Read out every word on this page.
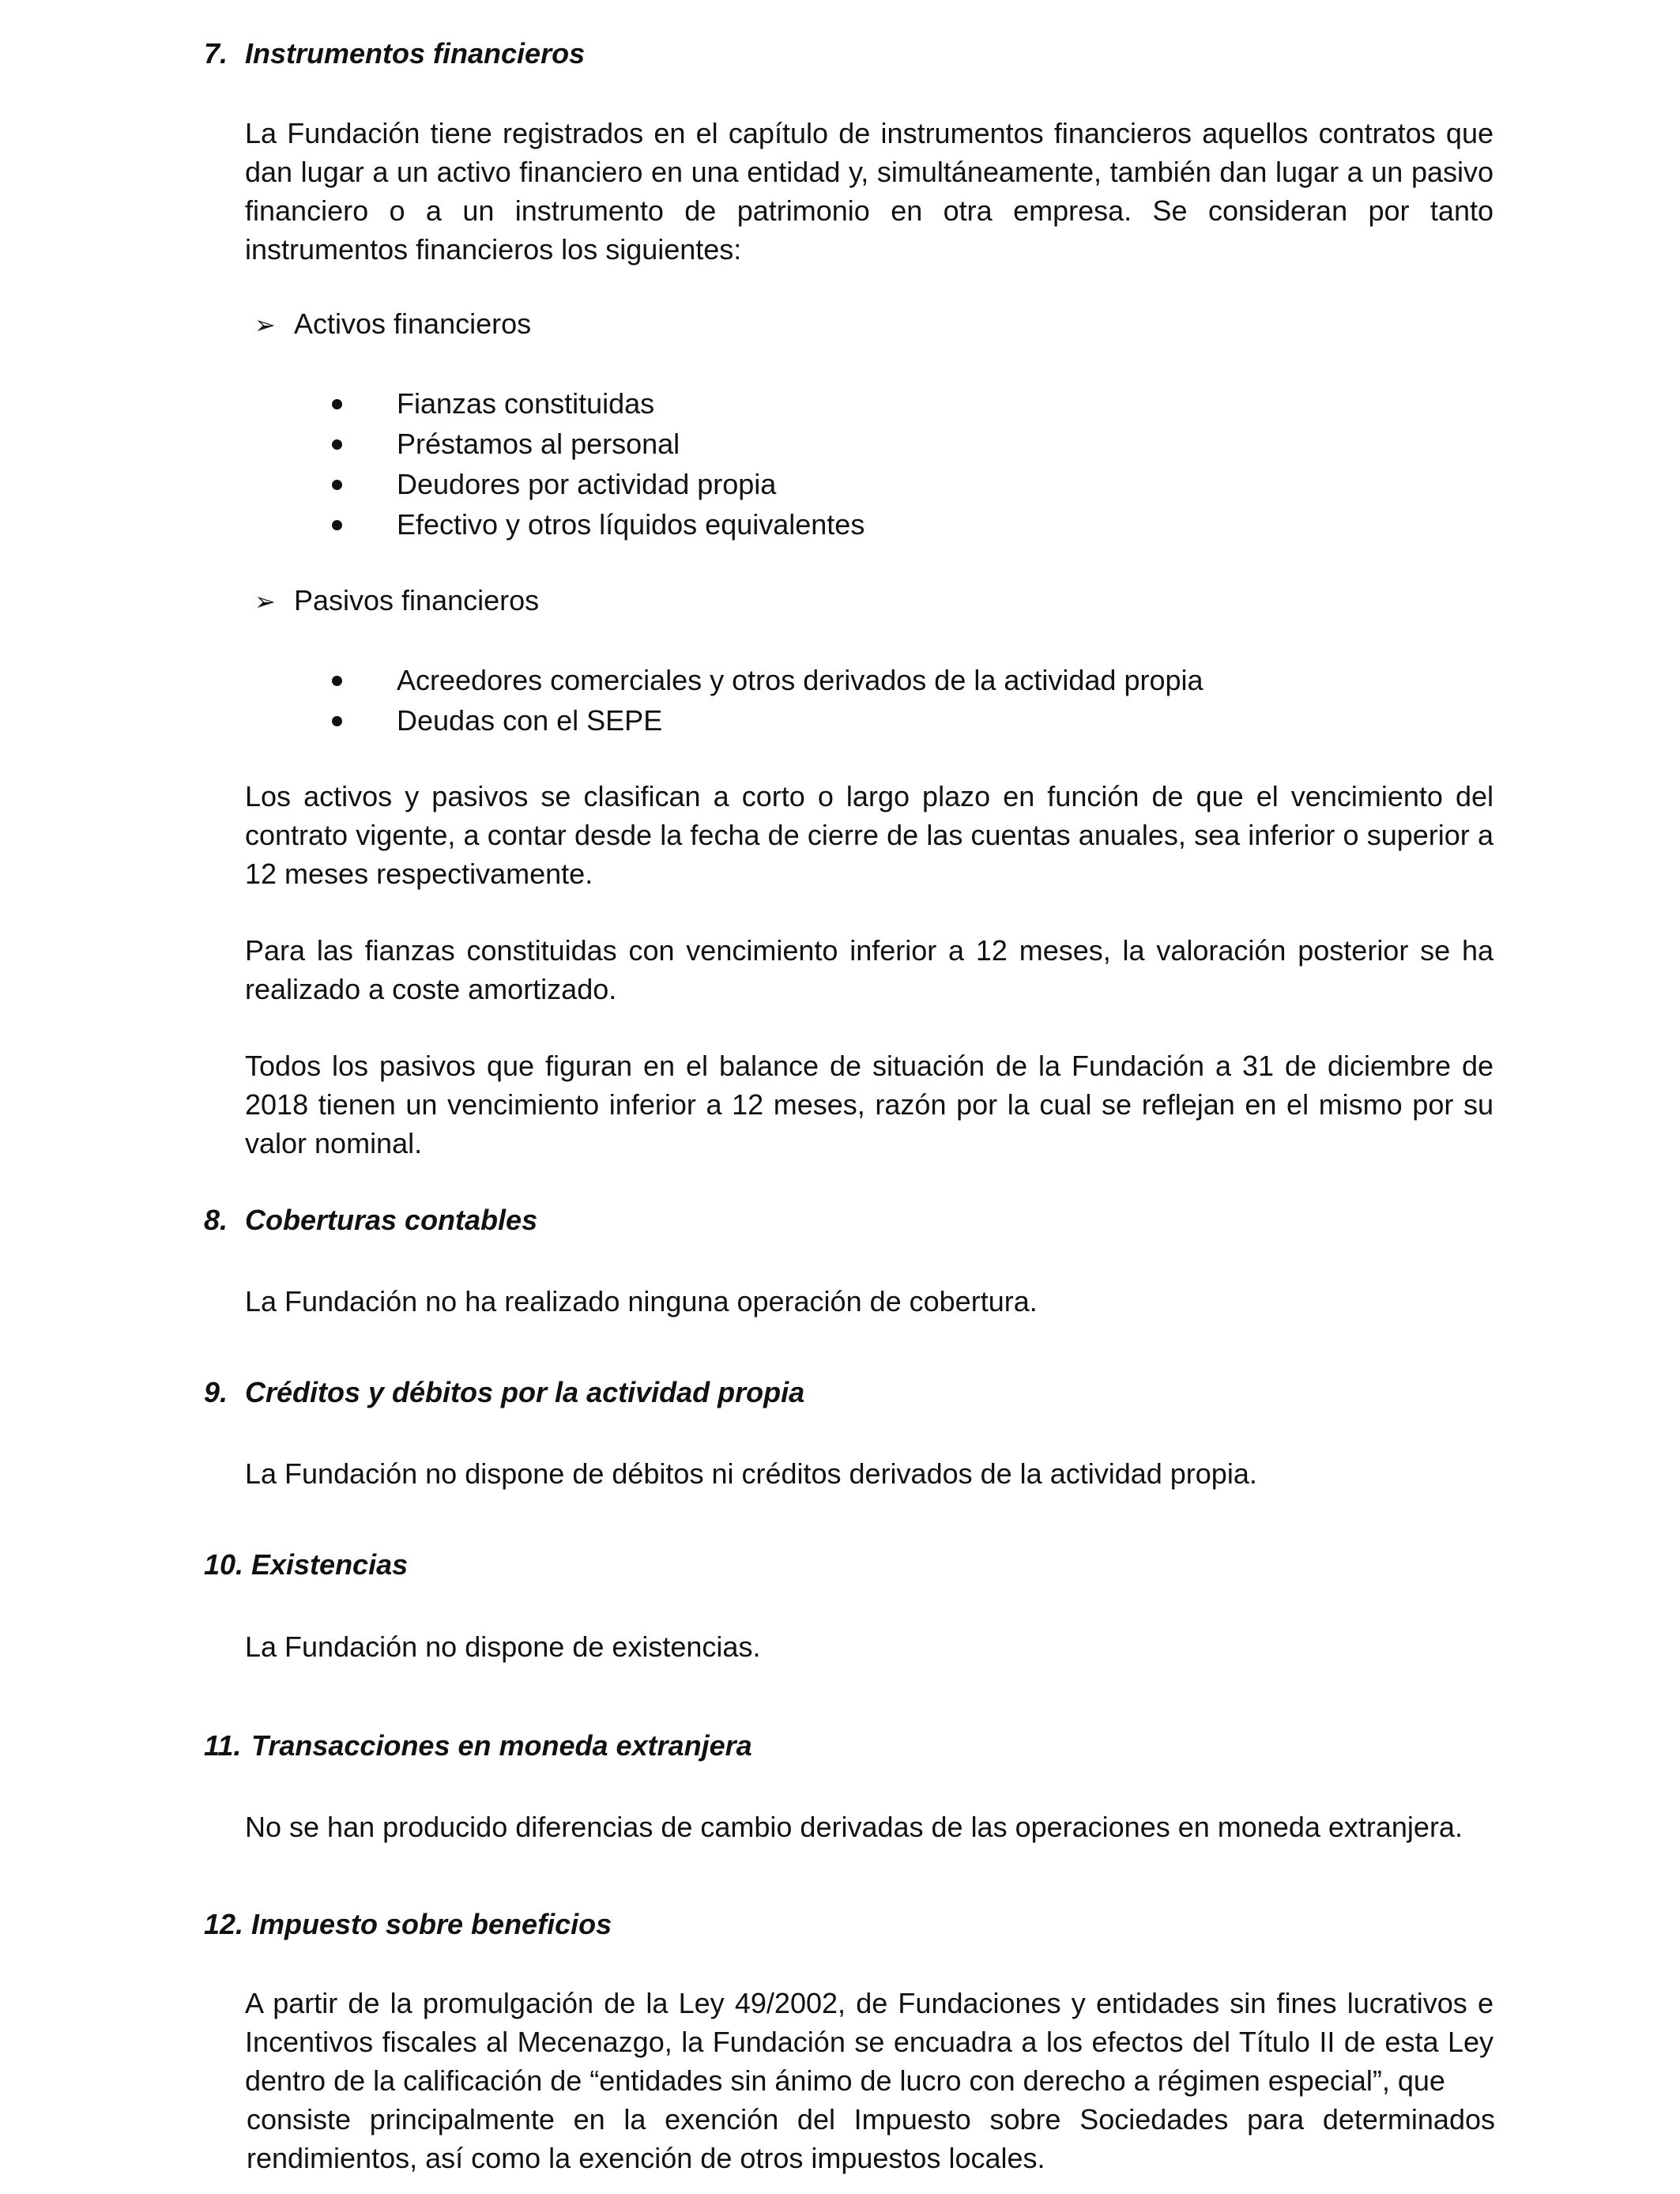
7. Instrumentos financieros

La Fundación tiene registrados en el capítulo de instrumentos financieros aquellos contratos que dan lugar a un activo financiero en una entidad y, simultáneamente, también dan lugar a un pasivo financiero o a un instrumento de patrimonio en otra empresa. Se consideran por tanto instrumentos financieros los siguientes:

➢ Activos financieros
Fianzas constituidas
Préstamos al personal
Deudores por actividad propia
Efectivo y otros líquidos equivalentes
➢ Pasivos financieros
Acreedores comerciales y otros derivados de la actividad propia
Deudas con el SEPE

Los activos y pasivos se clasifican a corto o largo plazo en función de que el vencimiento del contrato vigente, a contar desde la fecha de cierre de las cuentas anuales, sea inferior o superior a 12 meses respectivamente.

Para las fianzas constituidas con vencimiento inferior a 12 meses, la valoración posterior se ha realizado a coste amortizado.

Todos los pasivos que figuran en el balance de situación de la Fundación a 31 de diciembre de 2018 tienen un vencimiento inferior a 12 meses, razón por la cual se reflejan en el mismo por su valor nominal.

8. Coberturas contables

La Fundación no ha realizado ninguna operación de cobertura.

9. Créditos y débitos por la actividad propia

La Fundación no dispone de débitos ni créditos derivados de la actividad propia.

10. Existencias

La Fundación no dispone de existencias.

11. Transacciones en moneda extranjera

No se han producido diferencias de cambio derivadas de las operaciones en moneda extranjera.

12. Impuesto sobre beneficios

A partir de la promulgación de la Ley 49/2002, de Fundaciones y entidades sin fines lucrativos e Incentivos fiscales al Mecenazgo, la Fundación se encuadra a los efectos del Título II de esta Ley dentro de la calificación de “entidades sin ánimo de lucro con derecho a régimen especial”, que

consiste principalmente en la exención del Impuesto sobre Sociedades para determinados rendimientos, así como la exención de otros impuestos locales.
